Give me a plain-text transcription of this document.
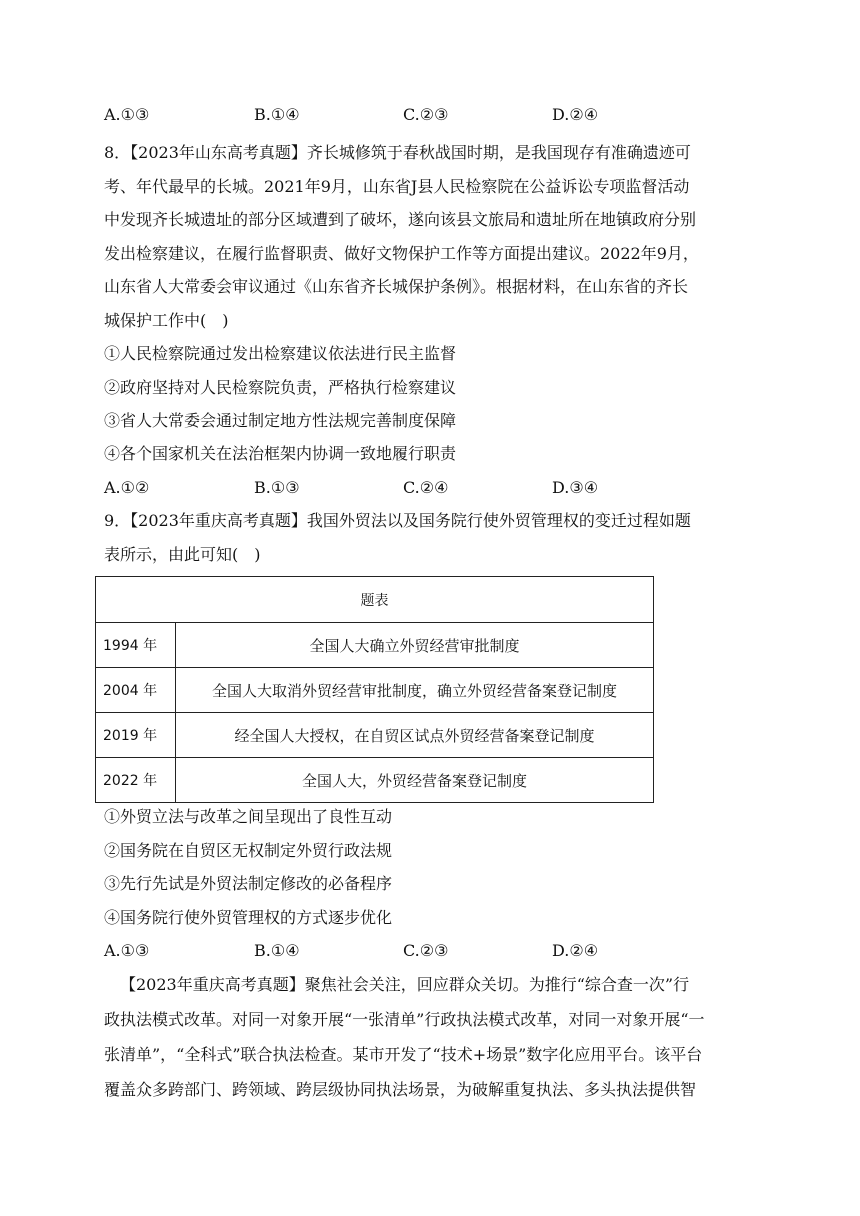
A.①③	B.①④	C.②③	D.②④
8．【2023年山东高考真题】齐长城修筑于春秋战国时期，是我国现存有准确遗迹可
考、年代最早的长城。2021年9月，山东省J县人民检察院在公益诉讼专项监督活动
中发现齐长城遗址的部分区域遭到了破坏，遂向该县文旅局和遗址所在地镇政府分别
发出检察建议，在履行监督职责、做好文物保护工作等方面提出建议。2022年9月，
山东省人大常委会审议通过《山东省齐长城保护条例》。根据材料，在山东省的齐长
城保护工作中(　)
①人民检察院通过发出检察建议依法进行民主监督
②政府坚持对人民检察院负责，严格执行检察建议
③省人大常委会通过制定地方性法规完善制度保障
④各个国家机关在法治框架内协调一致地履行职责
A.①②	B.①③	C.②④	D.③④
9．【2023年重庆高考真题】我国外贸法以及国务院行使外贸管理权的变迁过程如题
表所示，由此可知(　)
题表	
1994 年	全国人大确立外贸经营审批制度
2004 年	全国人大取消外贸经营审批制度，确立外贸经营备案登记制度
2019 年	经全国人大授权，在自贸区试点外贸经营备案登记制度
2022 年	全国人大，外贸经营备案登记制度
①外贸立法与改革之间呈现出了良性互动
②国务院在自贸区无权制定外贸行政法规
③先行先试是外贸法制定修改的必备程序
④国务院行使外贸管理权的方式逐步优化
A.①③	B.①④	C.②③	D.②④
【2023年重庆高考真题】聚焦社会关注，回应群众关切。为推行“综合查一次”行
政执法模式改革。对同一对象开展“一张清单”行政执法模式改革，对同一对象开展“一
张清单”，“全科式”联合执法检查。某市开发了“技术+场景”数字化应用平台。该平台
覆盖众多跨部门、跨领域、跨层级协同执法场景，为破解重复执法、多头执法提供智
